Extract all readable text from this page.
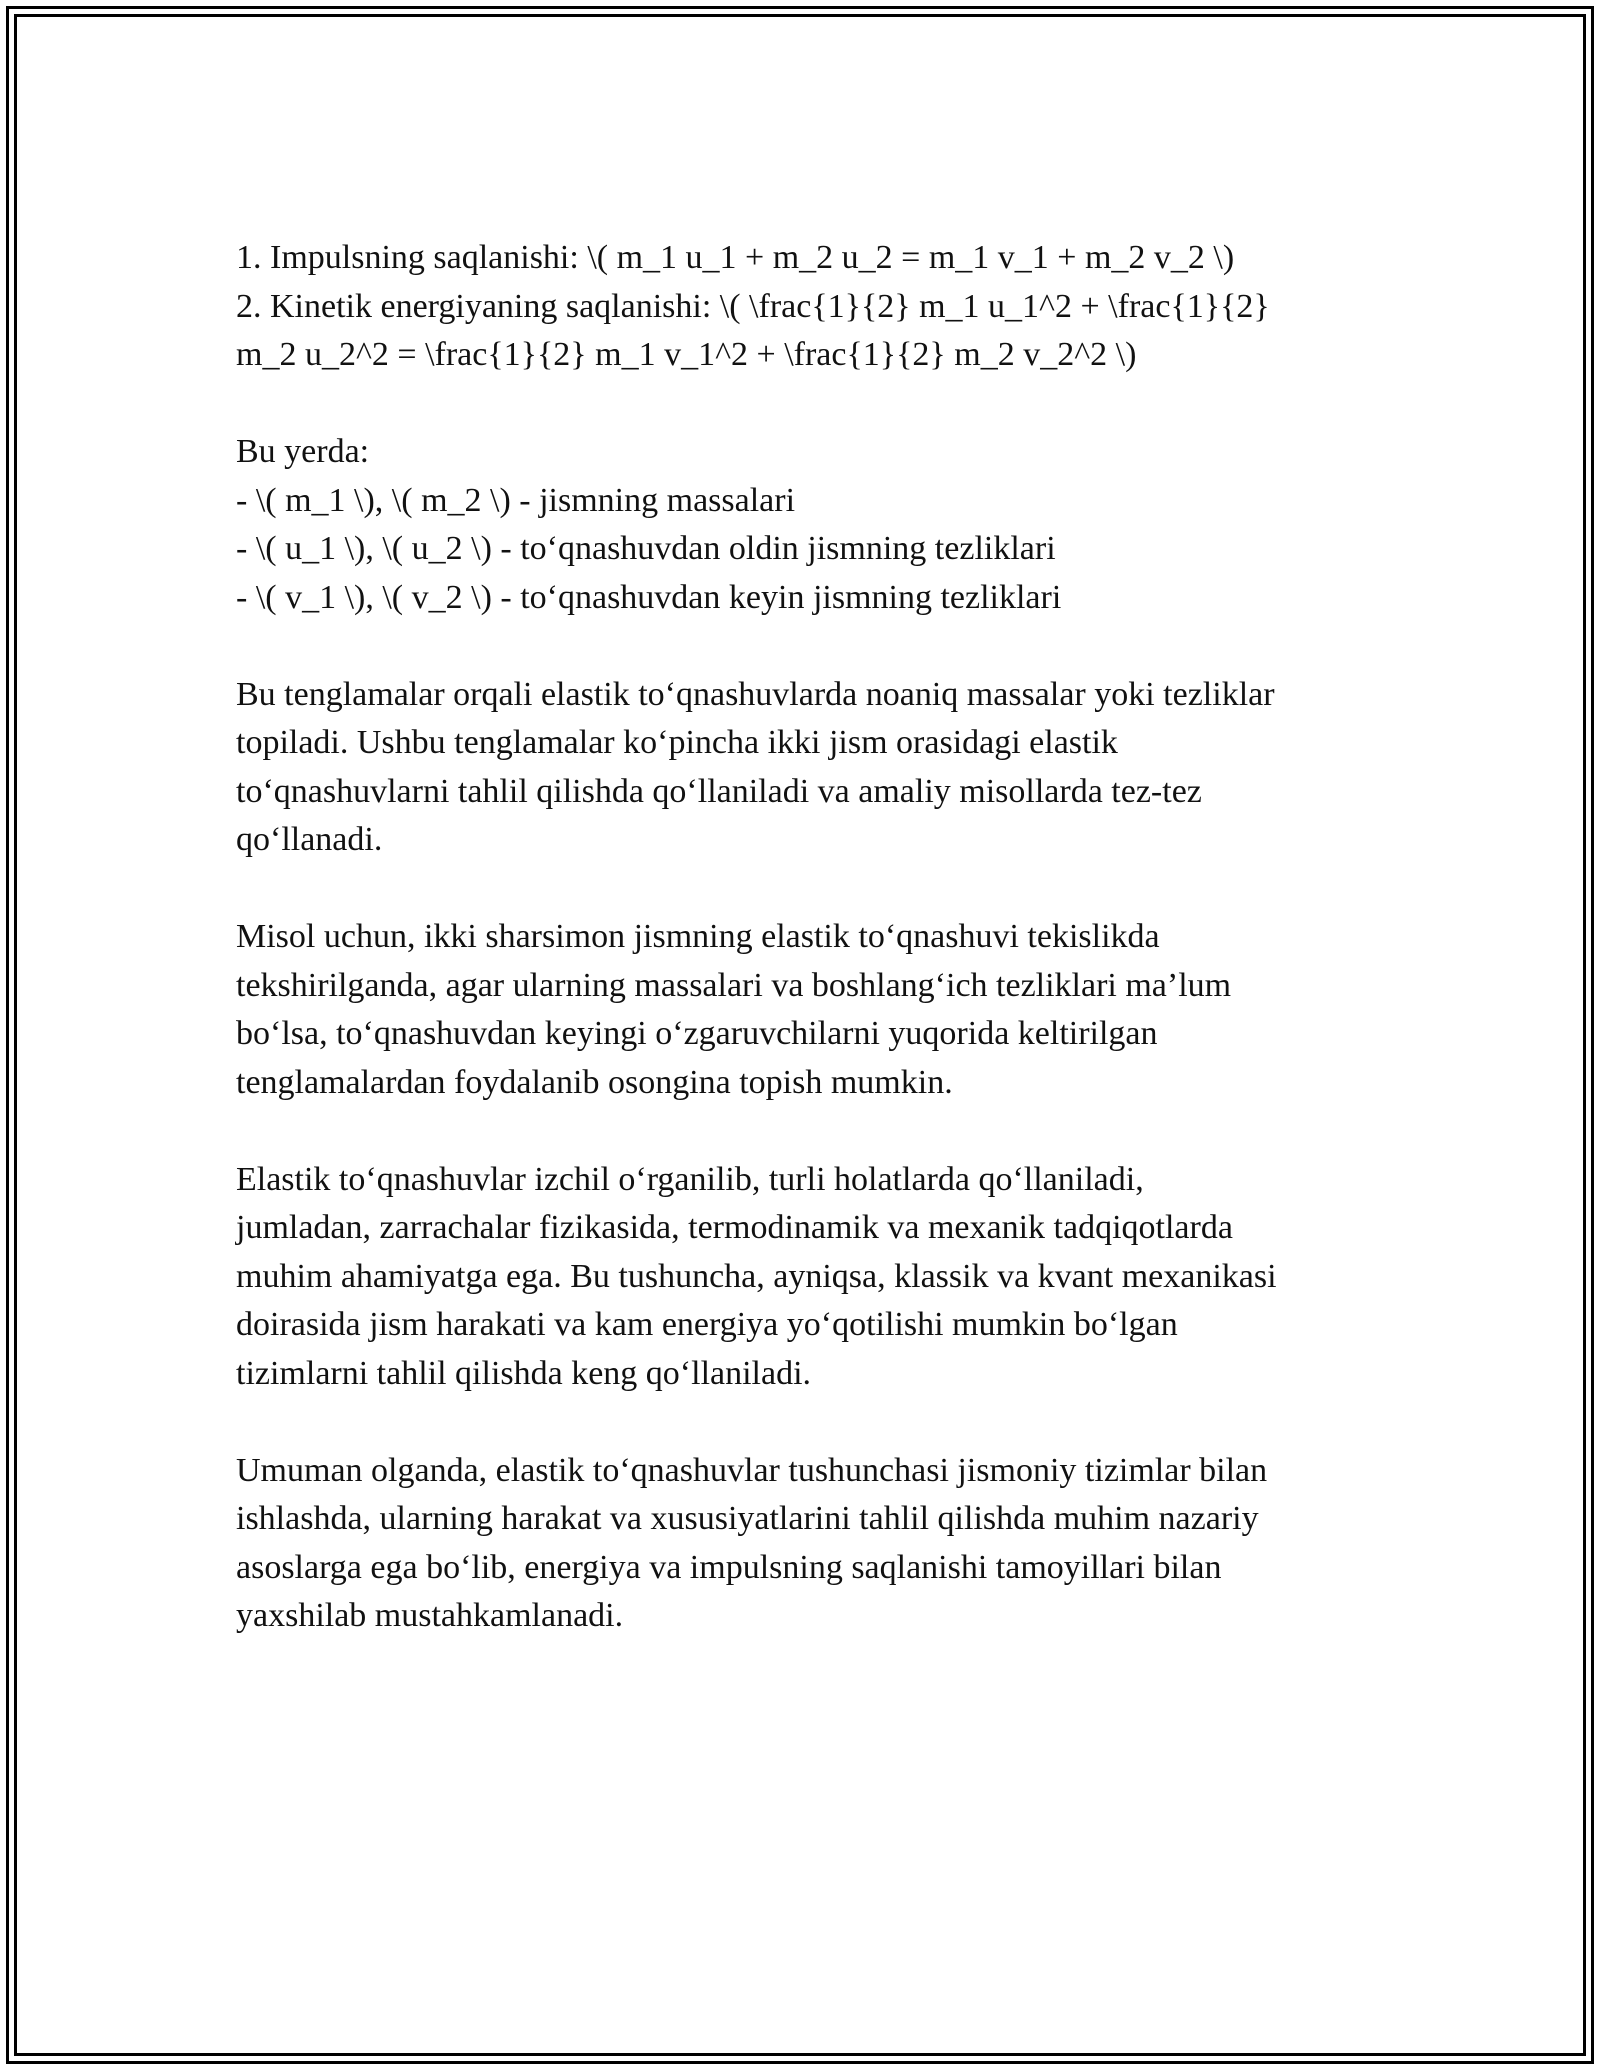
1. Impulsning saqlanishi: \( m_1 u_1 + m_2 u_2 = m_1 v_1 + m_2 v_2 \)

2. Kinetik energiyaning saqlanishi: \( \frac{1}{2} m_1 u_1^2 + \frac{1}{2}

m_2 u_2^2 = \frac{1}{2} m_1 v_1^2 + \frac{1}{2} m_2 v_2^2 \)

Bu yerda:

- \( m_1 \), \( m_2 \) - jismning massalari

- \( u_1 \), \( u_2 \) - to‘qnashuvdan oldin jismning tezliklari

- \( v_1 \), \( v_2 \) - to‘qnashuvdan keyin jismning tezliklari

Bu tenglamalar orqali elastik to‘qnashuvlarda noaniq massalar yoki tezliklar

topiladi. Ushbu tenglamalar ko‘pincha ikki jism orasidagi elastik

to‘qnashuvlarni tahlil qilishda qo‘llaniladi va amaliy misollarda tez-tez

qo‘llanadi.

Misol uchun, ikki sharsimon jismning elastik to‘qnashuvi tekislikda

tekshirilganda, agar ularning massalari va boshlang‘ich tezliklari ma’lum

bo‘lsa, to‘qnashuvdan keyingi o‘zgaruvchilarni yuqorida keltirilgan

tenglamalardan foydalanib osongina topish mumkin.

Elastik to‘qnashuvlar izchil o‘rganilib, turli holatlarda qo‘llaniladi,

jumladan, zarrachalar fizikasida, termodinamik va mexanik tadqiqotlarda

muhim ahamiyatga ega. Bu tushuncha, ayniqsa, klassik va kvant mexanikasi

doirasida jism harakati va kam energiya yo‘qotilishi mumkin bo‘lgan

tizimlarni tahlil qilishda keng qo‘llaniladi.

Umuman olganda, elastik to‘qnashuvlar tushunchasi jismoniy tizimlar bilan

ishlashda, ularning harakat va xususiyatlarini tahlil qilishda muhim nazariy

asoslarga ega bo‘lib, energiya va impulsning saqlanishi tamoyillari bilan

yaxshilab mustahkamlanadi.
